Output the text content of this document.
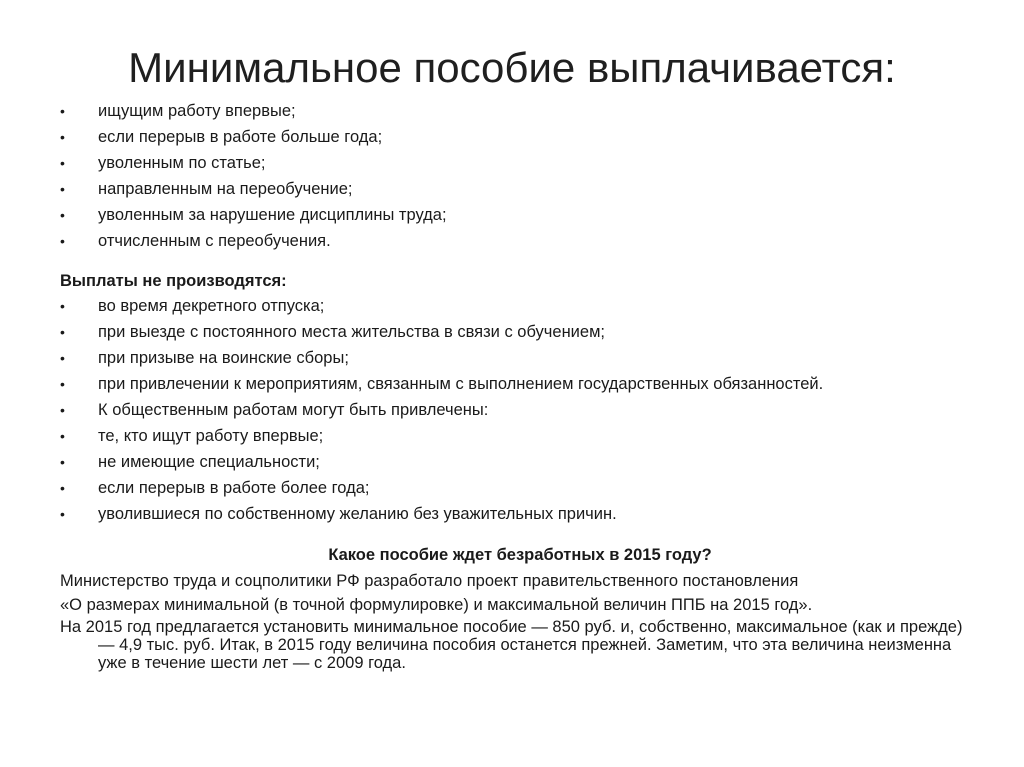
Минимальное пособие выплачивается:
•	ищущим работу впервые;
•	если перерыв в работе больше года;
•	уволенным по статье;
•	направленным на переобучение;
•	уволенным за нарушение дисциплины труда;
•	отчисленным с переобучения.
Выплаты не производятся:
•	во время декретного отпуска;
•	при выезде с постоянного места жительства в связи с обучением;
•	при призыве на воинские сборы;
•	при привлечении к мероприятиям, связанным с выполнением государственных обязанностей.
•	К общественным работам могут быть привлечены:
•	те, кто ищут работу впервые;
•	не имеющие специальности;
•	если перерыв в работе более года;
•	уволившиеся по собственному желанию без уважительных причин.
Какое пособие ждет безработных в 2015 году?

Министерство труда и соцполитики РФ разработало проект правительственного постановления

«О размерах минимальной (в точной формулировке) и максимальной величин ППБ на 2015 год».

На 2015 год предлагается установить минимальное пособие — 850 руб. и, собственно, максимальное (как и прежде) — 4,9 тыс. руб. Итак, в 2015 году величина пособия останется прежней. Заметим, что эта величина неизменна уже в течение шести лет — с 2009 года.
